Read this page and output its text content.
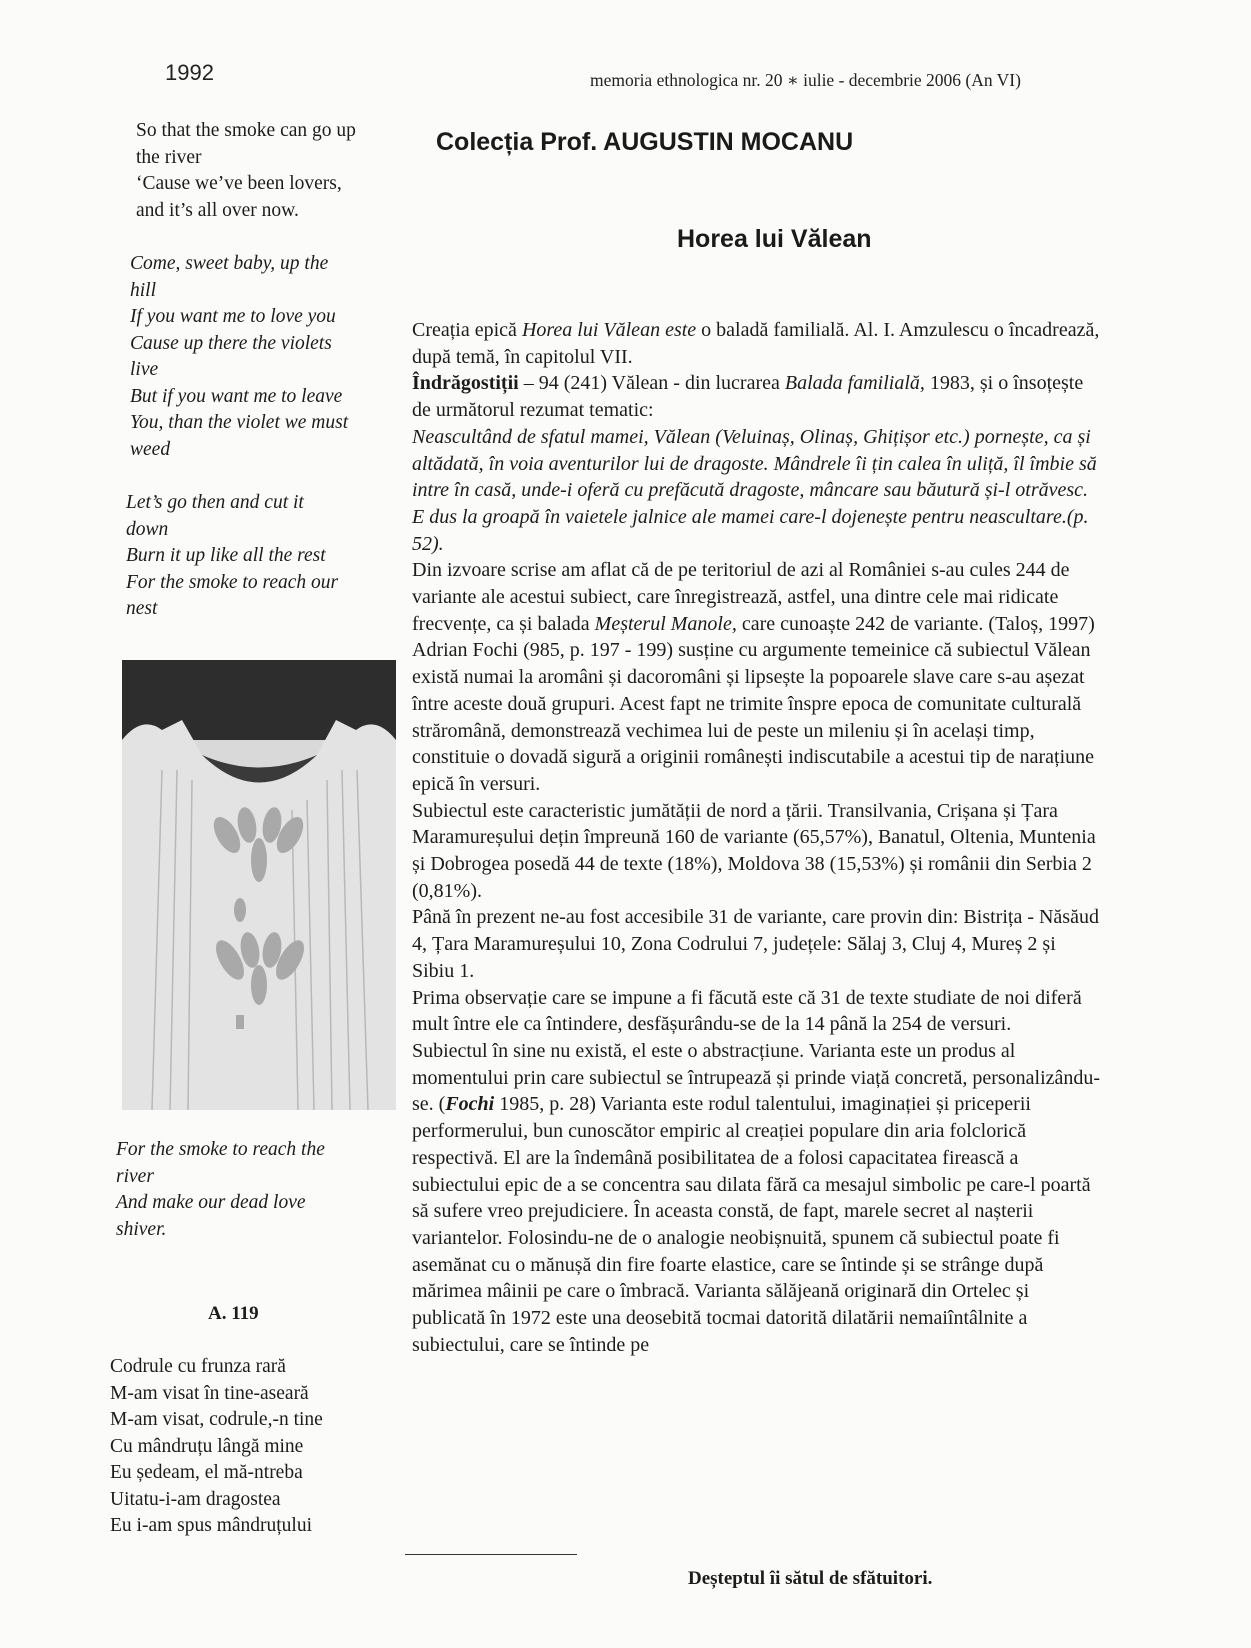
1992	memoria ethnologica nr. 20 ∗ iulie - decembrie 2006 (An VI)
So that the smoke can go up
the river
‘Cause we’ve been lovers,
and it’s all over now.
Come, sweet baby, up the
hill
If you want me to love you
Cause up there the violets
live
But if you want me to leave
You, than the violet we must
weed
Let’s go then and cut it
down
Burn it up like all the rest
For the smoke to reach our
nest
For the smoke to reach the
river
And make our dead love
shiver.
A. 119
Codrule cu frunza rară
M-am visat în tine-aseară
M-am visat, codrule,-n tine
Cu mândruțu lângă mine
Eu ședeam, el mă-ntreba
Uitatu-i-am dragostea
Eu i-am spus mândruțului
Colecția Prof. AUGUSTIN MOCANU
Horea lui Vălean

Creația epică Horea lui Vălean este o baladă familială. Al. I. Amzulescu o încadrează, după temă, în capitolul VII.
Îndrăgostiții – 94 (241) Vălean - din lucrarea Balada familială, 1983, și o însoțește de următorul rezumat tematic:
Neascultând de sfatul mamei, Vălean (Veluinaș, Olinaș, Ghițișor etc.) pornește, ca și altădată, în voia aventurilor lui de dragoste. Mândrele îi țin calea în uliță, îl îmbie să intre în casă, unde-i oferă cu prefăcută dragoste, mâncare sau băutură și-l otrăvesc. E dus la groapă în vaietele jalnice ale mamei care-l dojenește pentru neascultare.(p. 52).

Din izvoare scrise am aflat că de pe teritoriul de azi al României s-au cules 244 de variante ale acestui subiect, care înregistrează, astfel, una dintre cele mai ridicate frecvențe, ca și balada Meșterul Manole, care cunoaște 242 de variante. (Taloș, 1997)

Adrian Fochi (985, p. 197 - 199) susține cu argumente temeinice că subiectul Vălean există numai la aromâni și dacoromâni și lipsește la popoarele slave care s-au așezat între aceste două grupuri. Acest fapt ne trimite înspre epoca de comunitate culturală străromână, demonstrează vechimea lui de peste un mileniu și în același timp, constituie o dovadă sigură a originii românești indiscutabile a acestui tip de narațiune epică în versuri.

Subiectul este caracteristic jumătății de nord a țării. Transilvania, Crișana și Țara Maramureșului dețin împreună 160 de variante (65,57%), Banatul, Oltenia, Muntenia și Dobrogea posedă 44 de texte (18%), Moldova 38 (15,53%) și românii din Serbia 2 (0,81%).

Până în prezent ne-au fost accesibile 31 de variante, care provin din: Bistrița - Năsăud 4, Țara Maramureșului 10, Zona Codrului 7, județele: Sălaj 3, Cluj 4, Mureș 2 și Sibiu 1.

Prima observație care se impune a fi făcută este că 31 de texte studiate de noi diferă mult între ele ca întindere, desfășurându-se de la 14 până la 254 de versuri.

Subiectul în sine nu există, el este o abstracțiune. Varianta este un produs al momentului prin care subiectul se întrupează și prinde viață concretă, personalizându-se. (Fochi 1985, p. 28) Varianta este rodul talentului, imaginației și priceperii performerului, bun cunoscător empiric al creației populare din aria folclorică respectivă. El are la îndemână posibilitatea de a folosi capacitatea firească a subiectului epic de a se concentra sau dilata fără ca mesajul simbolic pe care-l poartă să sufere vreo prejudiciere. În aceasta constă, de fapt, marele secret al nașterii variantelor. Folosindu-ne de o analogie neobișnuită, spunem că subiectul poate fi asemănat cu o mănușă din fire foarte elastice, care se întinde și se strânge după mărimea mâinii pe care o îmbracă. Varianta sălăjeană originară din Ortelec și publicată în 1972 este una deosebită tocmai datorită dilatării nemaiîntâlnite a subiectului, care se întinde pe

Deșteptul îi sătul de sfătuitori.
